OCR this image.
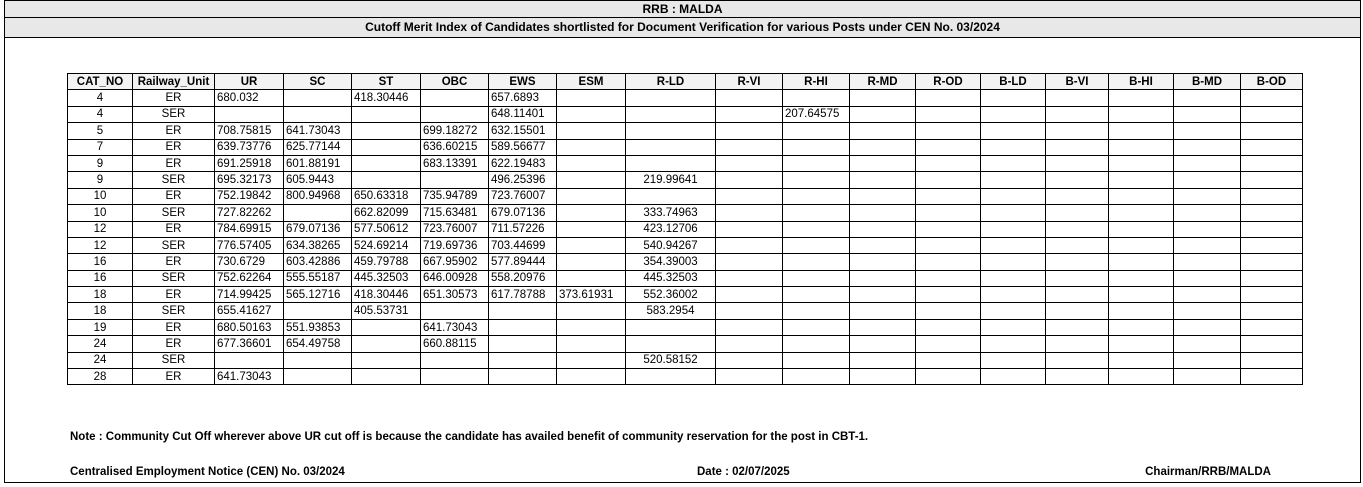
RRB : MALDA
Cutoff Merit Index of Candidates shortlisted for Document Verification for various Posts under CEN No. 03/2024
CAT_NO	Railway_Unit	UR	SC	ST	OBC	EWS	ESM	R-LD	R-VI	R-HI	R-MD	R-OD	B-LD	B-VI	B-HI	B-MD	B-OD
4	ER	680.032		418.30446		657.6893											
4	SER					648.11401				207.64575							
5	ER	708.75815	641.73043		699.18272	632.15501											
7	ER	639.73776	625.77144		636.60215	589.56677											
9	ER	691.25918	601.88191		683.13391	622.19483											
9	SER	695.32173	605.9443			496.25396		219.99641									
10	ER	752.19842	800.94968	650.63318	735.94789	723.76007											
10	SER	727.82262		662.82099	715.63481	679.07136		333.74963									
12	ER	784.69915	679.07136	577.50612	723.76007	711.57226		423.12706									
12	SER	776.57405	634.38265	524.69214	719.69736	703.44699		540.94267									
16	ER	730.6729	603.42886	459.79788	667.95902	577.89444		354.39003									
16	SER	752.62264	555.55187	445.32503	646.00928	558.20976		445.32503									
18	ER	714.99425	565.12716	418.30446	651.30573	617.78788	373.61931	552.36002									
18	SER	655.41627		405.53731				583.2954									
19	ER	680.50163	551.93853		641.73043												
24	ER	677.36601	654.49758		660.88115												
24	SER							520.58152									
28	ER	641.73043															
Note : Community Cut Off wherever above UR cut off is because the candidate has availed benefit of community reservation for the post in CBT-1.
Centralised Employment Notice (CEN) No. 03/2024	Date : 02/07/2025	Chairman/RRB/MALDA
